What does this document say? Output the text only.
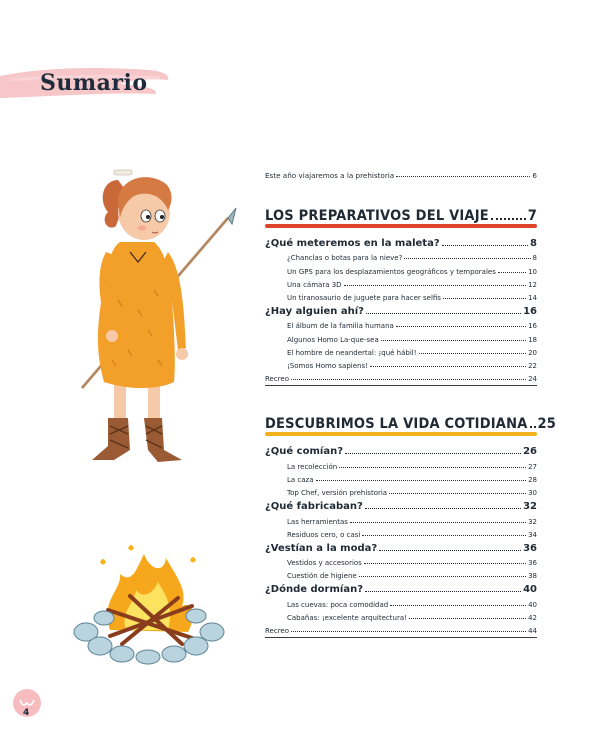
Sumario
Este año viajaremos a la prehistoria	6
LOS PREPARATIVOS DEL VIAJE	7
¿Qué meteremos en la maleta?	8
¿Chanclas o botas para la nieve?	8
Un GPS para los desplazamientos geográficos y temporales	10
Una cámara 3D	12
Un tiranosaurio de juguete para hacer selfis	14
¿Hay alguien ahí?	16
El álbum de la familia humana	16
Algunos Homo La-que-sea	18
El hombre de neandertal: ¡qué hábil!	20
¡Somos Homo sapiens!	22
Recreo	24
DESCUBRIMOS LA VIDA COTIDIANA 25
¿Qué comían?	26
La recolección	27
La caza	28
Top Chef, versión prehistoria	30
¿Qué fabricaban?	32
Las herramientas	32
Residuos cero, o casi	34
¿Vestían a la moda?	36
Vestidos y accesorios	36
Cuestión de higiene	38
¿Dónde dormían?	40
Las cuevas: poca comodidad	40
Cabañas: ¡excelente arquitectura!	42
Recreo	44
4
